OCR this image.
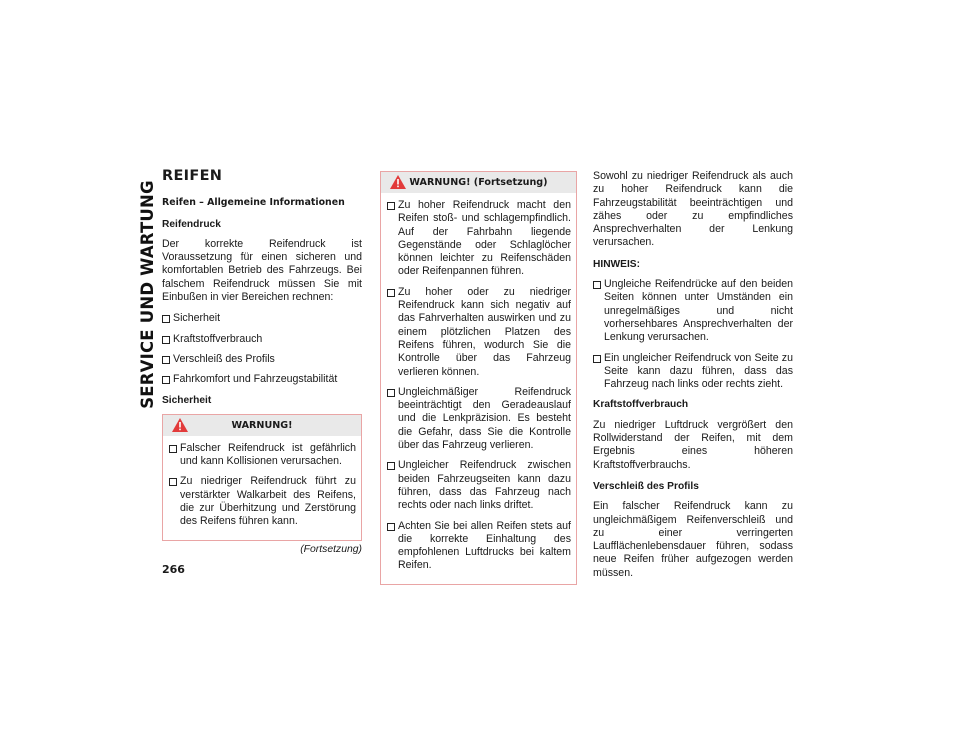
SERVICE UND WARTUNG
266
REIFEN
Reifen – Allgemeine Informationen
Reifendruck

Der korrekte Reifendruck ist Voraussetzung für einen sicheren und komfortablen Betrieb des Fahrzeugs. Bei falschem Reifendruck müssen Sie mit Einbußen in vier Bereichen rechnen:

Sicherheit
Kraftstoffverbrauch
Verschleiß des Profils
Fahrkomfort und Fahrzeugstabilität
Sicherheit
WARNUNG!
Falscher Reifendruck ist gefährlich und kann Kollisionen verursachen.
Zu niedriger Reifendruck führt zu verstärkter Walkarbeit des Reifens, die zur Überhitzung und Zerstörung des Reifens führen kann.
(Fortsetzung)
WARNUNG! (Fortsetzung)
Zu hoher Reifendruck macht den Reifen stoß- und schlagempfindlich. Auf der Fahrbahn liegende Gegenstände oder Schlaglöcher können leichter zu Reifenschäden oder Reifenpannen führen.
Zu hoher oder zu niedriger Reifendruck kann sich negativ auf das Fahrverhalten auswirken und zu einem plötzlichen Platzen des Reifens führen, wodurch Sie die Kontrolle über das Fahrzeug verlieren können.
Ungleichmäßiger Reifendruck beeinträchtigt den Geradeauslauf und die Lenkpräzision. Es besteht die Gefahr, dass Sie die Kontrolle über das Fahrzeug verlieren.
Ungleicher Reifendruck zwischen beiden Fahrzeugseiten kann dazu führen, dass das Fahrzeug nach rechts oder nach links driftet.
Achten Sie bei allen Reifen stets auf die korrekte Einhaltung des empfohlenen Luftdrucks bei kaltem Reifen.

Sowohl zu niedriger Reifendruck als auch zu hoher Reifendruck kann die Fahrzeugstabilität beeinträchtigen und zähes oder zu empfindliches Ansprechverhalten der Lenkung verursachen.

HINWEIS:
Ungleiche Reifendrücke auf den beiden Seiten können unter Umständen ein unregelmäßiges und nicht vorhersehbares Ansprechverhalten der Lenkung verursachen.
Ein ungleicher Reifendruck von Seite zu Seite kann dazu führen, dass das Fahrzeug nach links oder rechts zieht.
Kraftstoffverbrauch

Zu niedriger Luftdruck vergrößert den Rollwiderstand der Reifen, mit dem Ergebnis eines höheren Kraftstoffverbrauchs.

Verschleiß des Profils

Ein falscher Reifendruck kann zu ungleichmäßigem Reifenverschleiß und zu einer verringerten Laufflächenlebensdauer führen, sodass neue Reifen früher aufgezogen werden müssen.
